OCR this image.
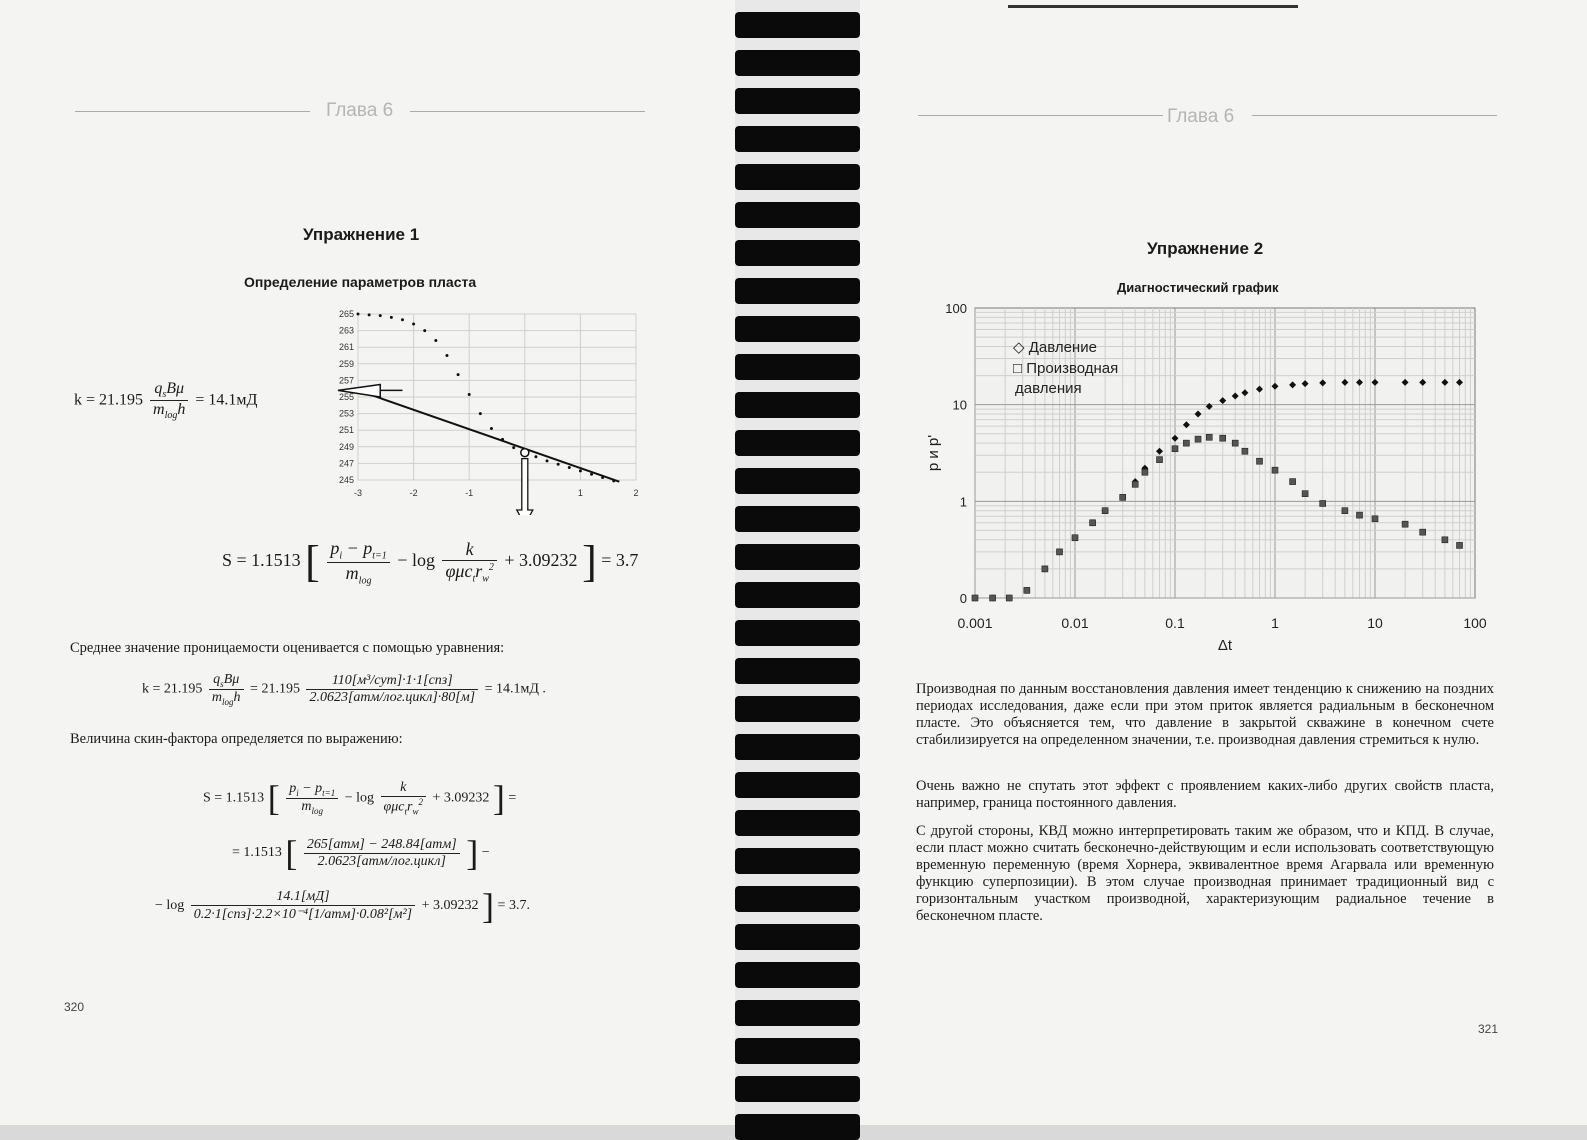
Глава 6
Упражнение 1
Определение параметров пласта
265
263
261
259
257
255
253
251
249
247
245
-3	-2	-1	1	2
$k = 21.195 \frac{q_sB\mu}{m_{log}h} = 14.1мД$
S = 1.1513 [ $\frac{p_i - p_{t=1}}{m_{log}} - \log \frac{k}{\varphi\mu c_tr_w^2} + 3.09232$ ] = 3.7
Среднее значение проницаемости оценивается с помощью уравнения:
$k = 21.195 \frac{q_sB\mu}{m_{log}h} = 21.195 \frac{\text{110[м³/сут]·1·1[спз]}}{\text{2.0623[атм/лог.цикл]·80[м]}} = 14.1мД$ .
Величина скин-фактора определяется по выражению:
S = 1.1513 [ $\frac{p_i - p_{t=1}}{m_{log}} - \log \frac{k}{\varphi\mu c_tr_w^2} + 3.09232$ ] =
= 1.1513 [ $\frac{\text{265[атм] − 248.84[атм]}}{\text{2.0623[атм/лог.цикл]}}$ ] −
− $\log \frac{14.1[мД]}{\text{0.2·1[спз]·2.2×10⁻⁴[1/атм]·0.08²[м²]}} + 3.09232$ ] = 3.7.
320
Глава 6
Упражнение 2
Диагностический график
100
10
1
0
0.001	0.01	0.1	1	10	100
Δt
p и p'
◇ Давление
□ Производная
давления
Производная по данным восстановления давления имеет тенденцию к снижению на поздних периодах исследования, даже если при этом приток является радиальным в бесконечном пласте. Это объясняется тем, что давление в закрытой скважине в конечном счете стабилизируется на определенном значении, т.е. производная давления стремиться к нулю.
Очень важно не спутать этот эффект с проявлением каких-либо других свойств пласта, например, граница постоянного давления.
С другой стороны, КВД можно интерпретировать таким же образом, что и КПД. В случае, если пласт можно считать бесконечно-действующим и если использовать соответствующую временную переменную (время Хорнера, эквивалентное время Агарвала или временную функцию суперпозиции). В этом случае производная принимает традиционный вид с горизонтальным участком производной, характеризующим радиальное течение в бесконечном пласте.
321
